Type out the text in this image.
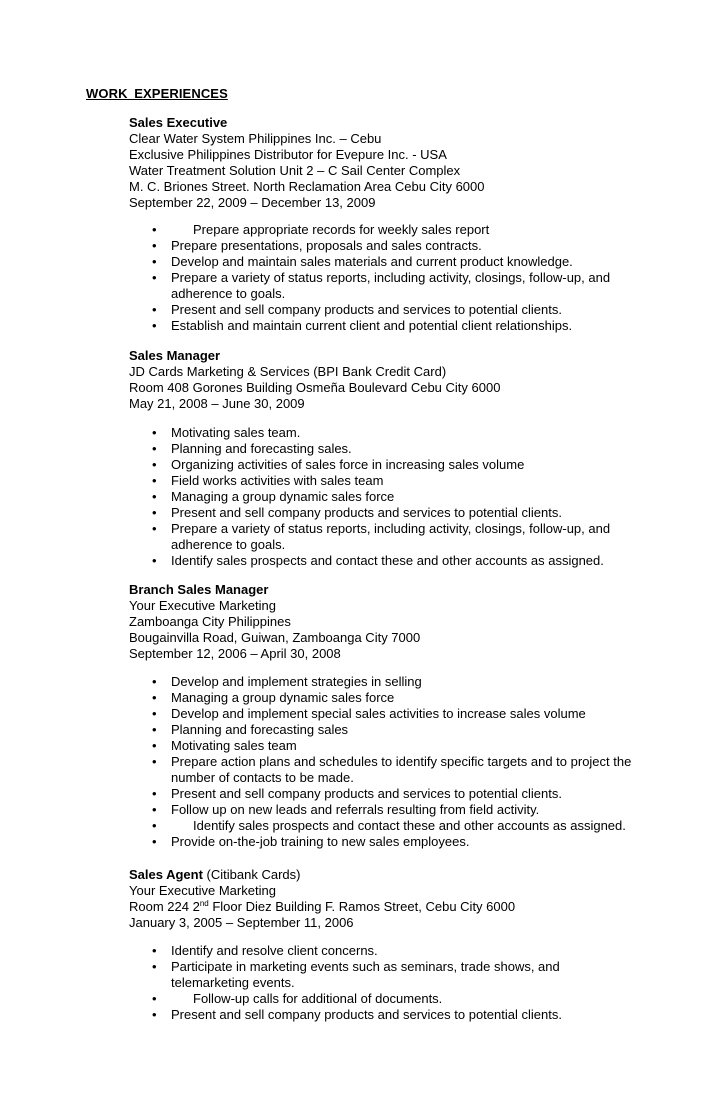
WORK EXPERIENCES
Sales Executive
Clear Water System Philippines Inc. – Cebu
Exclusive Philippines Distributor for Evepure Inc. - USA
Water Treatment Solution Unit 2 – C Sail Center Complex
M. C. Briones Street. North Reclamation Area Cebu City 6000
September 22, 2009 – December 13, 2009
• Prepare appropriate records for weekly sales report
• Prepare presentations, proposals and sales contracts.
• Develop and maintain sales materials and current product knowledge.
• Prepare a variety of status reports, including activity, closings, follow-up, and adherence to goals.
• Present and sell company products and services to potential clients.
• Establish and maintain current client and potential client relationships.
Sales Manager
JD Cards Marketing & Services (BPI Bank Credit Card)
Room 408 Gorones Building Osmeña Boulevard Cebu City 6000
May 21, 2008 – June 30, 2009
• Motivating sales team.
• Planning and forecasting sales.
• Organizing activities of sales force in increasing sales volume
• Field works activities with sales team
• Managing a group dynamic sales force
• Present and sell company products and services to potential clients.
• Prepare a variety of status reports, including activity, closings, follow-up, and adherence to goals.
• Identify sales prospects and contact these and other accounts as assigned.
Branch Sales Manager
Your Executive Marketing
Zamboanga City Philippines
Bougainvilla Road, Guiwan, Zamboanga City 7000
September 12, 2006 – April 30, 2008
• Develop and implement strategies in selling
• Managing a group dynamic sales force
• Develop and implement special sales activities to increase sales volume
• Planning and forecasting sales
• Motivating sales team
• Prepare action plans and schedules to identify specific targets and to project the number of contacts to be made.
• Present and sell company products and services to potential clients.
• Follow up on new leads and referrals resulting from field activity.
• Identify sales prospects and contact these and other accounts as assigned.
• Provide on-the-job training to new sales employees.
Sales Agent (Citibank Cards)
Your Executive Marketing
Room 224 2nd Floor Diez Building F. Ramos Street, Cebu City 6000
January 3, 2005 – September 11, 2006
• Identify and resolve client concerns.
• Participate in marketing events such as seminars, trade shows, and telemarketing events.
• Follow-up calls for additional of documents.
• Present and sell company products and services to potential clients.
